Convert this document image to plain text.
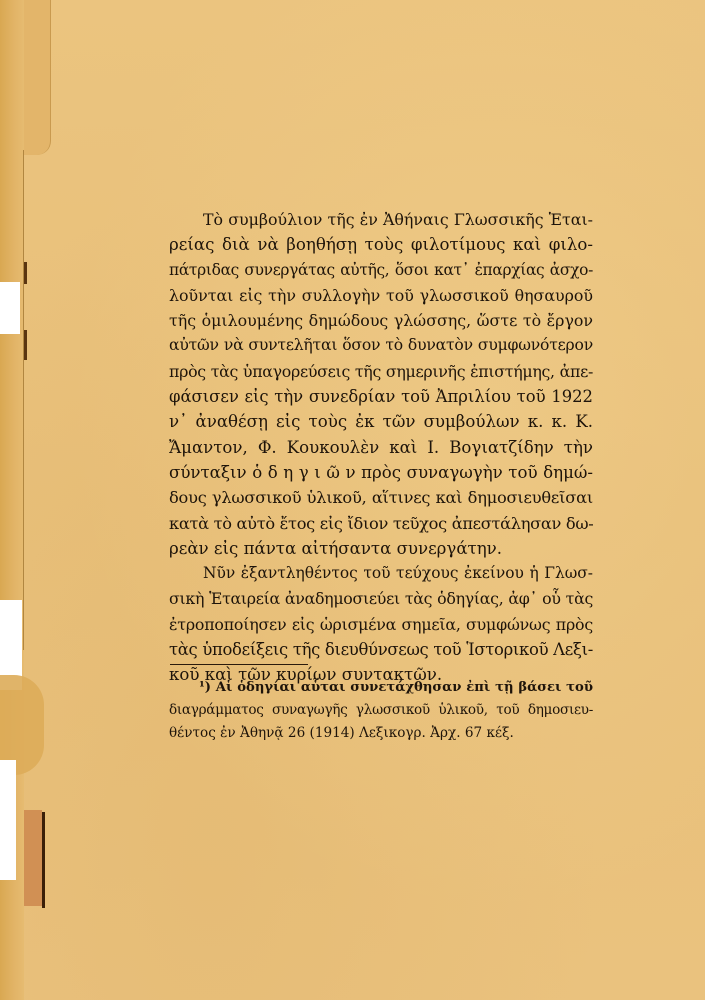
Τὸ συμβούλιον τῆς ἐν Ἀθήναις Γλωσσικῆς Ἑται-
ρείας διὰ νὰ βοηθήσῃ τοὺς φιλοτίμους καὶ φιλο-
πάτριδας συνεργάτας αὐτῆς, ὅσοι κατ᾿ ἐπαρχίας ἀσχο-
λοῦνται εἰς τὴν συλλογὴν τοῦ γλωσσικοῦ θησαυροῦ
τῆς ὁμιλουμένης δημώδους γλώσσης, ὥστε τὸ ἔργον
αὐτῶν νὰ συντελῆται ὅσον τὸ δυνατὸν συμφωνότερον
πρὸς τὰς ὑπαγορεύσεις τῆς σημερινῆς ἐπιστήμης, ἀπε-
φάσισεν εἰς τὴν συνεδρίαν τοῦ Ἀπριλίου τοῦ 1922
ν᾿ ἀναθέσῃ εἰς τοὺς ἐκ τῶν συμβούλων κ. κ. Κ.
Ἄμαντον, Φ. Κουκουλὲν καὶ Ι. Βογιατζίδην τὴν
σύνταξιν ὁ δ η γ ι ῶ ν πρὸς συναγωγὴν τοῦ δημώ-
δους γλωσσικοῦ ὑλικοῦ, αἵτινες καὶ δημοσιευθεῖσαι
κατὰ τὸ αὐτὸ ἔτος εἰς ἴδιον τεῦχος ἀπεστάλησαν δω-
ρεὰν εἰς πάντα αἰτήσαντα συνεργάτην.
Νῦν ἐξαντληθέντος τοῦ τεύχους ἐκείνου ἡ Γλωσ-
σικὴ Ἑταιρεία ἀναδημοσιεύει τὰς ὁδηγίας, ἀφ᾿ οὗ τὰς
ἐτροποποίησεν εἰς ὡρισμένα σημεῖα, συμφώνως πρὸς
τὰς ὑποδείξεις τῆς διευθύνσεως τοῦ Ἱστορικοῦ Λεξι-
κοῦ καὶ τῶν κυρίων συντακτῶν.
¹) Αἱ ὁδηγίαι αὗται συνετάχθησαν ἐπὶ τῇ βάσει τοῦ
διαγράμματος συναγωγῆς γλωσσικοῦ ὑλικοῦ, τοῦ δημοσιευ-
θέντος ἐν Ἀθηνᾷ 26 (1914) Λεξικογρ. Ἀρχ. 67 κέξ.
